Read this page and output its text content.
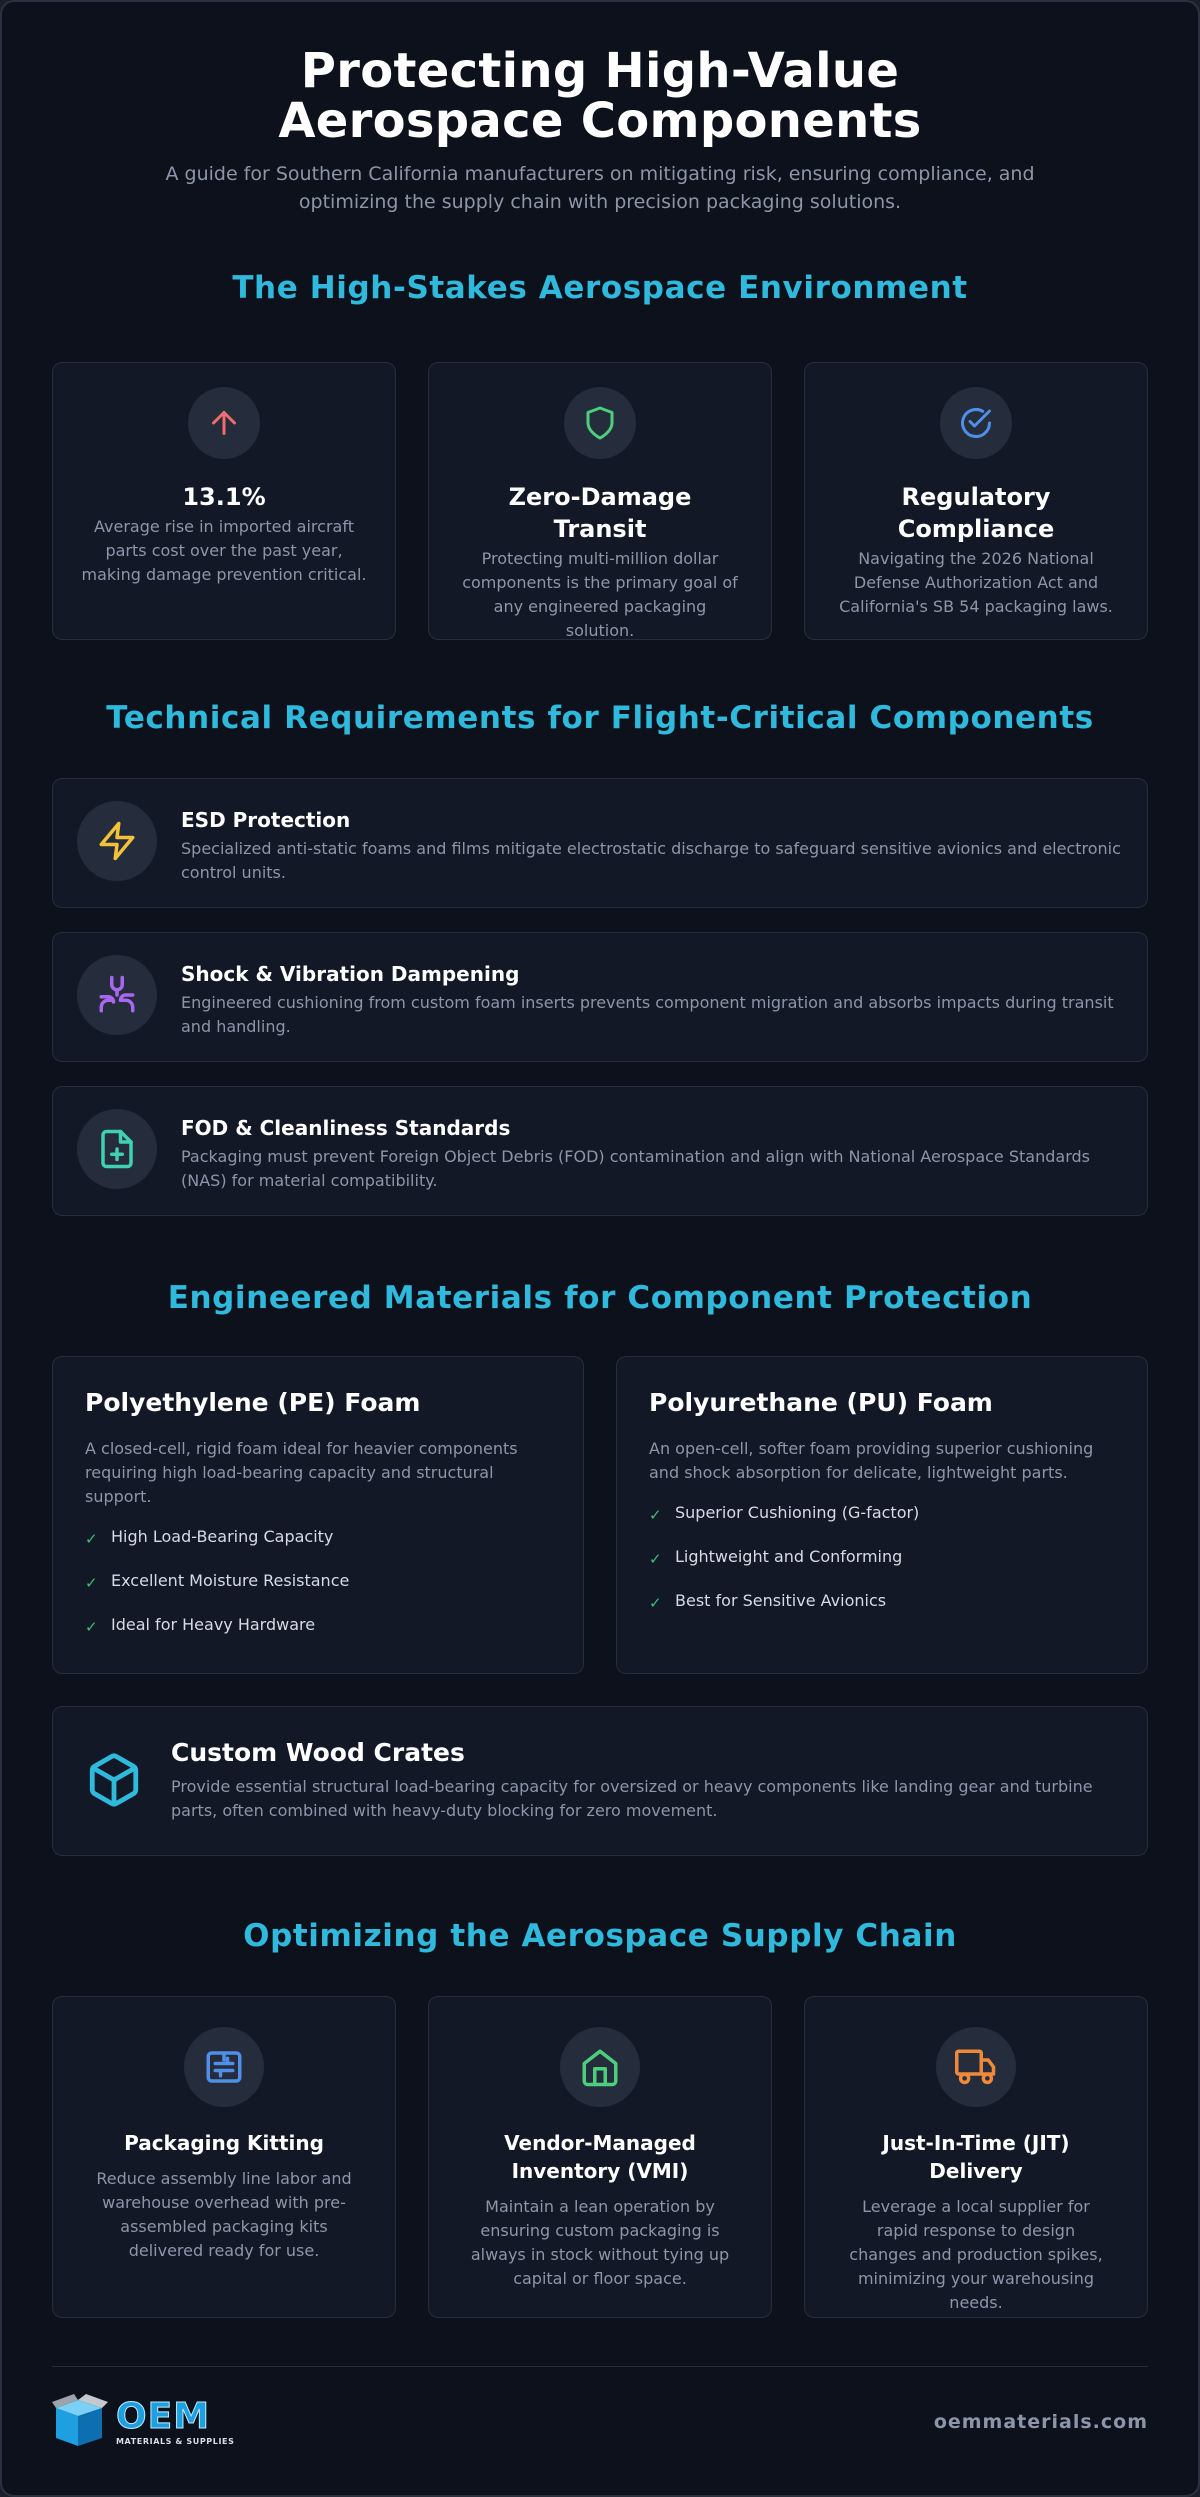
Protecting High-Value Aerospace Components

A guide for Southern California manufacturers on mitigating risk, ensuring compliance, and optimizing the supply chain with precision packaging solutions.

The High-Stakes Aerospace Environment
13.1%
Average rise in imported aircraft parts cost over the past year, making damage prevention critical.
Zero-Damage Transit
Protecting multi-million dollar components is the primary goal of any engineered packaging solution.
Regulatory Compliance
Navigating the 2026 National Defense Authorization Act and California's SB 54 packaging laws.
Technical Requirements for Flight-Critical Components
ESD Protection
Specialized anti-static foams and films mitigate electrostatic discharge to safeguard sensitive avionics and electronic control units.
Shock & Vibration Dampening
Engineered cushioning from custom foam inserts prevents component migration and absorbs impacts during transit and handling.
FOD & Cleanliness Standards
Packaging must prevent Foreign Object Debris (FOD) contamination and align with National Aerospace Standards (NAS) for material compatibility.
Engineered Materials for Component Protection
Polyethylene (PE) Foam
A closed-cell, rigid foam ideal for heavier components requiring high load-bearing capacity and structural support.
✓ High Load-Bearing Capacity
✓ Excellent Moisture Resistance
✓ Ideal for Heavy Hardware
Polyurethane (PU) Foam
An open-cell, softer foam providing superior cushioning and shock absorption for delicate, lightweight parts.
✓ Superior Cushioning (G-factor)
✓ Lightweight and Conforming
✓ Best for Sensitive Avionics
Custom Wood Crates
Provide essential structural load-bearing capacity for oversized or heavy components like landing gear and turbine parts, often combined with heavy-duty blocking for zero movement.
Optimizing the Aerospace Supply Chain
Packaging Kitting
Reduce assembly line labor and warehouse overhead with pre-assembled packaging kits delivered ready for use.
Vendor-Managed Inventory (VMI)
Maintain a lean operation by ensuring custom packaging is always in stock without tying up capital or floor space.
Just-In-Time (JIT) Delivery
Leverage a local supplier for rapid response to design changes and production spikes, minimizing your warehousing needs.
OEM
MATERIALS & SUPPLIES
oemmaterials.com
